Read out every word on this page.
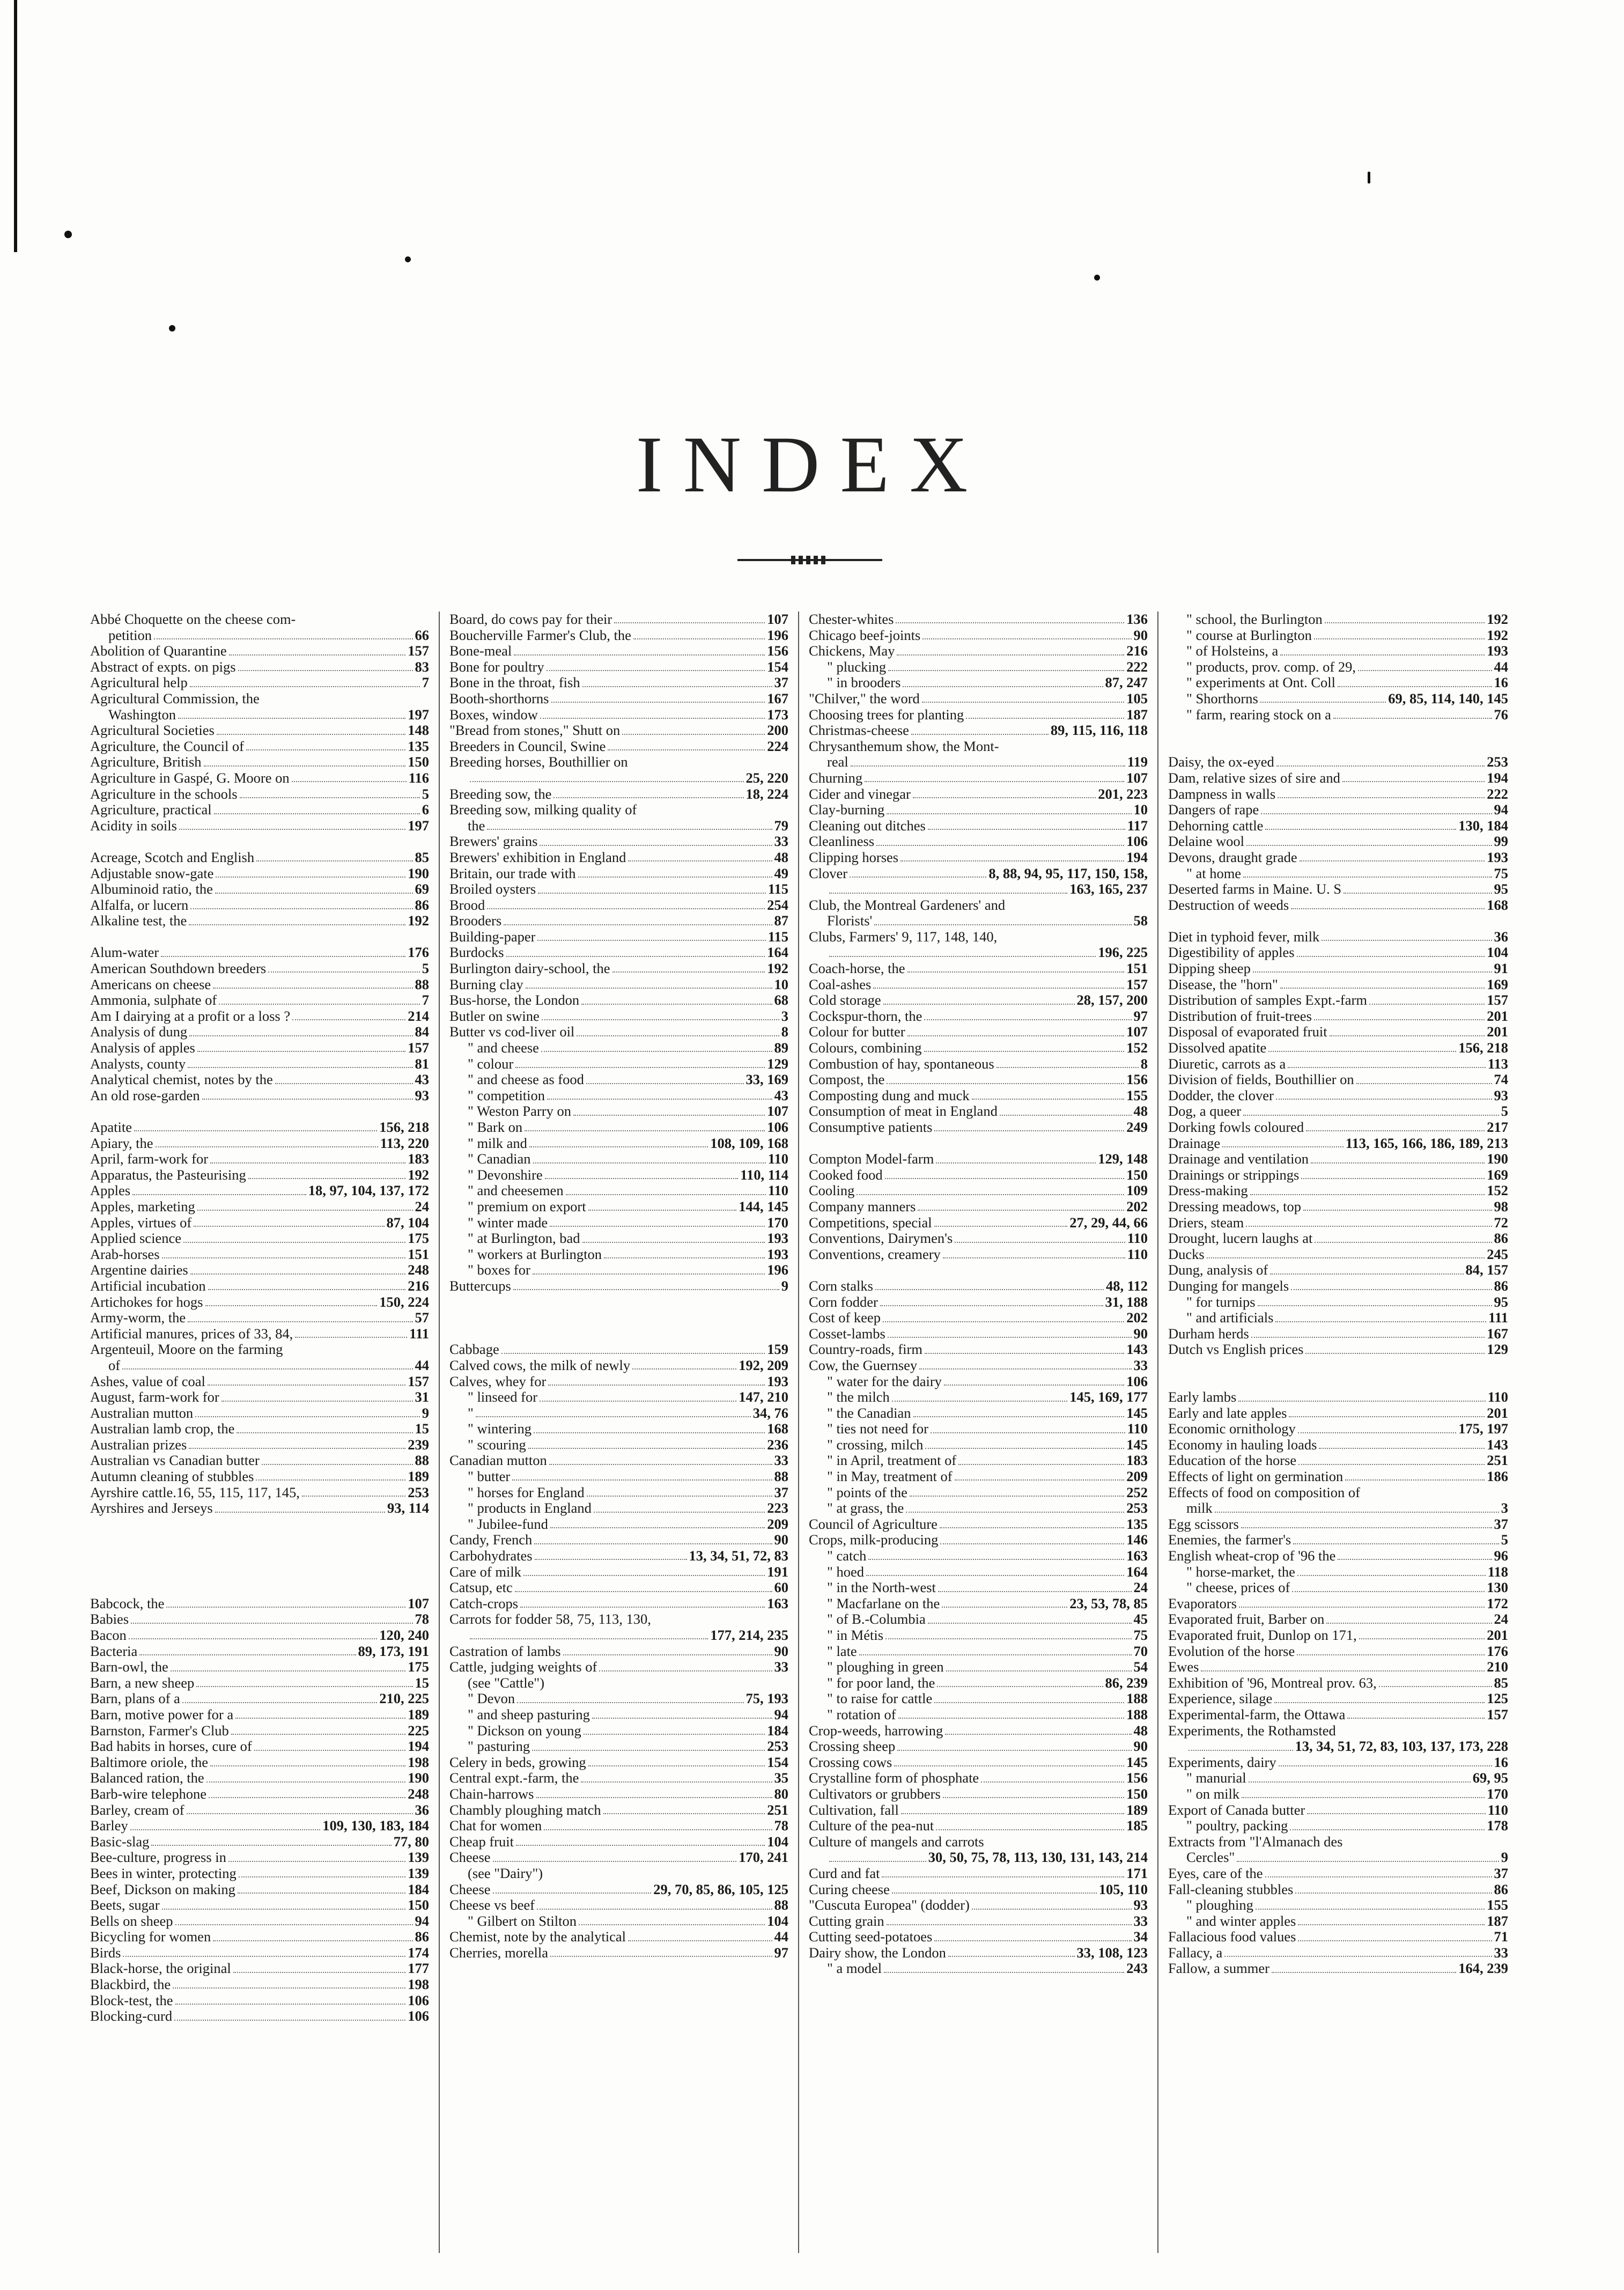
INDEX
Abbé Choquette on the cheese com-
petition	66
Abolition of Quarantine	157
Abstract of expts. on pigs	83
Agricultural help	7
Agricultural Commission, the
Washington	197
Agricultural Societies	148
Agriculture, the Council of	135
Agriculture, British	150
Agriculture in Gaspé, G. Moore on	116
Agriculture in the schools	5
Agriculture, practical	6
Acidity in soils	197
Acreage, Scotch and English	85
Adjustable snow-gate	190
Albuminoid ratio, the	69
Alfalfa, or lucern	86
Alkaline test, the	192
Alum-water	176
American Southdown breeders	5
Americans on cheese	88
Ammonia, sulphate of	7
Am I dairying at a profit or a loss ?	214
Analysis of dung	84
Analysis of apples	157
Analysts, county	81
Analytical chemist, notes by the	43
An old rose-garden	93
Apatite	156, 218
Apiary, the	113, 220
April, farm-work for	183
Apparatus, the Pasteurising	192
Apples	18, 97, 104, 137, 172
Apples, marketing	24
Apples, virtues of	87, 104
Applied science	175
Arab-horses	151
Argentine dairies	248
Artificial incubation	216
Artichokes for hogs	150, 224
Army-worm, the	57
Artificial manures, prices of 33, 84,	111
Argenteuil, Moore on the farming
of	44
Ashes, value of coal	157
August, farm-work for	31
Australian mutton	9
Australian lamb crop, the	15
Australian prizes	239
Australian vs Canadian butter	88
Autumn cleaning of stubbles	189
Ayrshire cattle.16, 55, 115, 117, 145,	253
Ayrshires and Jerseys	93, 114
Babcock, the	107
Babies	78
Bacon	120, 240
Bacteria	89, 173, 191
Barn-owl, the	175
Barn, a new sheep	15
Barn, plans of a	210, 225
Barn, motive power for a	189
Barnston, Farmer's Club	225
Bad habits in horses, cure of	194
Baltimore oriole, the	198
Balanced ration, the	190
Barb-wire telephone	248
Barley, cream of	36
Barley	109, 130, 183, 184
Basic-slag	77, 80
Bee-culture, progress in	139
Bees in winter, protecting	139
Beef, Dickson on making	184
Beets, sugar	150
Bells on sheep	94
Bicycling for women	86
Birds	174
Black-horse, the original	177
Blackbird, the	198
Block-test, the	106
Blocking-curd	106
Board, do cows pay for their	107
Boucherville Farmer's Club, the	196
Bone-meal	156
Bone for poultry	154
Bone in the throat, fish	37
Booth-shorthorns	167
Boxes, window	173
"Bread from stones," Shutt on	200
Breeders in Council, Swine	224
Breeding horses, Bouthillier on
25, 220
Breeding sow, the	18, 224
Breeding sow, milking quality of
the	79
Brewers' grains	33
Brewers' exhibition in England	48
Britain, our trade with	49
Broiled oysters	115
Brood	254
Brooders	87
Building-paper	115
Burdocks	164
Burlington dairy-school, the	192
Burning clay	10
Bus-horse, the London	68
Butler on swine	3
Butter vs cod-liver oil	8
" and cheese	89
" colour	129
" and cheese as food	33, 169
" competition	43
" Weston Parry on	107
" Bark on	106
" milk and	108, 109, 168
" Canadian	110
" Devonshire	110, 114
" and cheesemen	110
" premium on export	144, 145
" winter made	170
" at Burlington, bad	193
" workers at Burlington	193
" boxes for	196
Buttercups	9
Cabbage	159
Calved cows, the milk of newly	192, 209
Calves, whey for	193
" linseed for	147, 210
"	34, 76
" wintering	168
" scouring	236
Canadian mutton	33
" butter	88
" horses for England	37
" products in England	223
" Jubilee-fund	209
Candy, French	90
Carbohydrates	13, 34, 51, 72, 83
Care of milk	191
Catsup, etc	60
Catch-crops	163
Carrots for fodder 58, 75, 113, 130,
177, 214, 235
Castration of lambs	90
Cattle, judging weights of	33
(see "Cattle")
" Devon	75, 193
" and sheep pasturing	94
" Dickson on young	184
" pasturing	253
Celery in beds, growing	154
Central expt.-farm, the	35
Chain-harrows	80
Chambly ploughing match	251
Chat for women	78
Cheap fruit	104
Cheese	170, 241
(see "Dairy")
Cheese	29, 70, 85, 86, 105, 125
Cheese vs beef	88
" Gilbert on Stilton	104
Chemist, note by the analytical	44
Cherries, morella	97
Chester-whites	136
Chicago beef-joints	90
Chickens, May	216
" plucking	222
" in brooders	87, 247
"Chilver," the word	105
Choosing trees for planting	187
Christmas-cheese	89, 115, 116, 118
Chrysanthemum show, the Mont-
real	119
Churning	107
Cider and vinegar	201, 223
Clay-burning	10
Cleaning out ditches	117
Cleanliness	106
Clipping horses	194
Clover	8, 88, 94, 95, 117, 150, 158,
163, 165, 237
Club, the Montreal Gardeners' and
Florists'	58
Clubs, Farmers' 9, 117, 148, 140,
196, 225
Coach-horse, the	151
Coal-ashes	157
Cold storage	28, 157, 200
Cockspur-thorn, the	97
Colour for butter	107
Colours, combining	152
Combustion of hay, spontaneous	8
Compost, the	156
Composting dung and muck	155
Consumption of meat in England	48
Consumptive patients	249
Compton Model-farm	129, 148
Cooked food	150
Cooling	109
Company manners	202
Competitions, special	27, 29, 44, 66
Conventions, Dairymen's	110
Conventions, creamery	110
Corn stalks	48, 112
Corn fodder	31, 188
Cost of keep	202
Cosset-lambs	90
Country-roads, firm	143
Cow, the Guernsey	33
" water for the dairy	106
" the milch	145, 169, 177
" the Canadian	145
" ties not need for	110
" crossing, milch	145
" in April, treatment of	183
" in May, treatment of	209
" points of the	252
" at grass, the	253
Council of Agriculture	135
Crops, milk-producing	146
" catch	163
" hoed	164
" in the North-west	24
" Macfarlane on the	23, 53, 78, 85
" of B.-Columbia	45
" in Métis	75
" late	70
" ploughing in green	54
" for poor land, the	86, 239
" to raise for cattle	188
" rotation of	188
Crop-weeds, harrowing	48
Crossing sheep	90
Crossing cows	145
Crystalline form of phosphate	156
Cultivators or grubbers	150
Cultivation, fall	189
Culture of the pea-nut	185
Culture of mangels and carrots
30, 50, 75, 78, 113, 130, 131, 143, 214
Curd and fat	171
Curing cheese	105, 110
"Cuscuta Europea" (dodder)	93
Cutting grain	33
Cutting seed-potatoes	34
Dairy show, the London	33, 108, 123
" a model	243
" school, the Burlington	192
" course at Burlington	192
" of Holsteins, a	193
" products, prov. comp. of 29,	44
" experiments at Ont. Coll	16
" Shorthorns	69, 85, 114, 140, 145
" farm, rearing stock on a	76
Daisy, the ox-eyed	253
Dam, relative sizes of sire and	194
Dampness in walls	222
Dangers of rape	94
Dehorning cattle	130, 184
Delaine wool	99
Devons, draught grade	193
" at home	75
Deserted farms in Maine. U. S	95
Destruction of weeds	168
Diet in typhoid fever, milk	36
Digestibility of apples	104
Dipping sheep	91
Disease, the "horn"	169
Distribution of samples Expt.-farm	157
Distribution of fruit-trees	201
Disposal of evaporated fruit	201
Dissolved apatite	156, 218
Diuretic, carrots as a	113
Division of fields, Bouthillier on	74
Dodder, the clover	93
Dog, a queer	5
Dorking fowls coloured	217
Drainage	113, 165, 166, 186, 189, 213
Drainage and ventilation	190
Drainings or strippings	169
Dress-making	152
Dressing meadows, top	98
Driers, steam	72
Drought, lucern laughs at	86
Ducks	245
Dung, analysis of	84, 157
Dunging for mangels	86
" for turnips	95
" and artificials	111
Durham herds	167
Dutch vs English prices	129
Early lambs	110
Early and late apples	201
Economic ornithology	175, 197
Economy in hauling loads	143
Education of the horse	251
Effects of light on germination	186
Effects of food on composition of
milk	3
Egg scissors	37
Enemies, the farmer's	5
English wheat-crop of '96 the	96
" horse-market, the	118
" cheese, prices of	130
Evaporators	172
Evaporated fruit, Barber on	24
Evaporated fruit, Dunlop on 171,	201
Evolution of the horse	176
Ewes	210
Exhibition of '96, Montreal prov. 63,	85
Experience, silage	125
Experimental-farm, the Ottawa	157
Experiments, the Rothamsted
13, 34, 51, 72, 83, 103, 137, 173, 228
Experiments, dairy	16
" manurial	69, 95
" on milk	170
Export of Canada butter	110
" poultry, packing	178
Extracts from "l'Almanach des
Cercles"	9
Eyes, care of the	37
Fall-cleaning stubbles	86
" ploughing	155
" and winter apples	187
Fallacious food values	71
Fallacy, a	33
Fallow, a summer	164, 239
